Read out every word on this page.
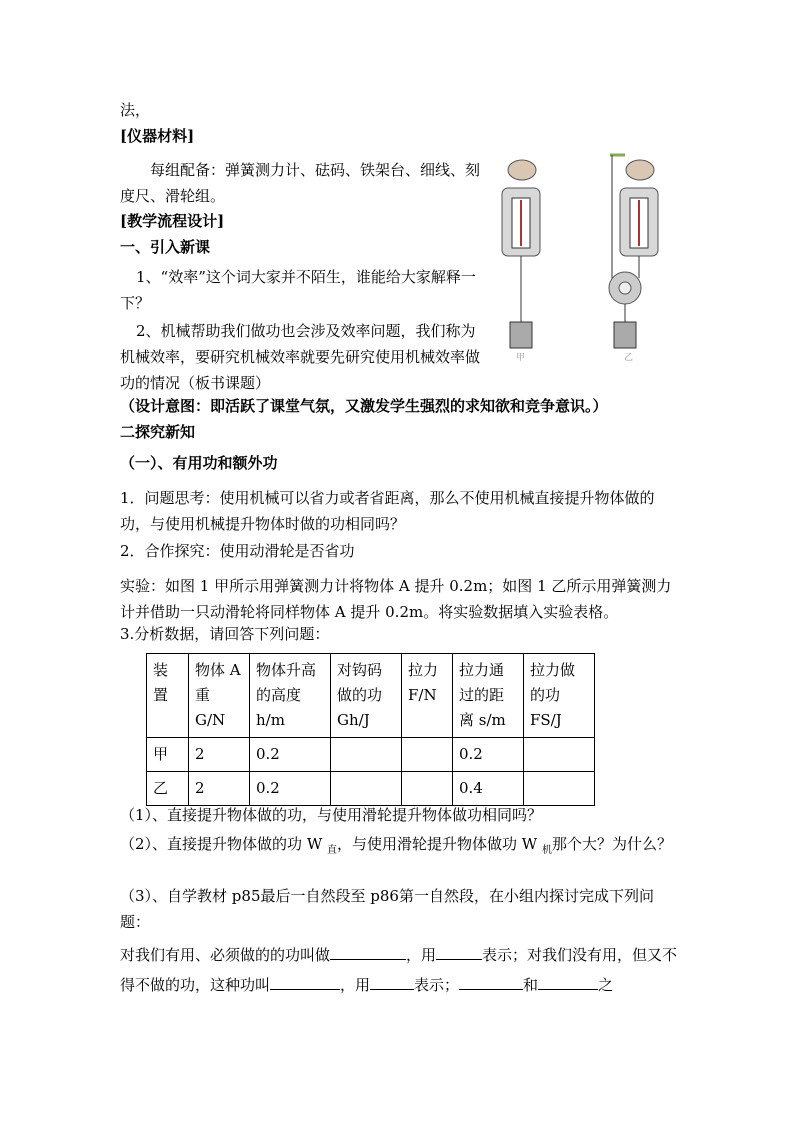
法，
[仪器材料]
每组配备：弹簧测力计、砝码、铁架台、细线、刻度尺、滑轮组。
[教学流程设计]
一、引入新课
1、“效率”这个词大家并不陌生，谁能给大家解释一下？
2、机械帮助我们做功也会涉及效率问题，我们称为机械效率，要研究机械效率就要先研究使用机械效率做功的情况（板书课题）
（设计意图：即活跃了课堂气氛，又激发学生强烈的求知欲和竞争意识。）
二探究新知
（一）、有用功和额外功
1．问题思考：使用机械可以省力或者省距离，那么不使用机械直接提升物体做的功，与使用机械提升物体时做的功相同吗？
2．合作探究：使用动滑轮是否省功
实验：如图 1 甲所示用弹簧测力计将物体 A 提升 0.2m；如图 1 乙所示用弹簧测力计并借助一只动滑轮将同样物体 A 提升 0.2m。将实验数据填入实验表格。
3.分析数据，请回答下列问题：
甲	乙
装置	物体 A 重 G/N	物体升高的高度 h/m	对钩码做的功 Gh/J	拉力 F/N	拉力通过的距离 s/m	拉力做的功 FS/J
甲	2	0.2			0.2	
乙	2	0.2			0.4	
（1）、直接提升物体做的功，与使用滑轮提升物体做功相同吗？
（2）、直接提升物体做的功 W $_直$，与使用滑轮提升物体做功 W $_机$那个大？为什么？
（3）、自学教材 p85最后一自然段至 p86第一自然段，在小组内探讨完成下列问题：
对我们有用、必须做的的功叫做	，用	表示；对我们没有用，但又不得不做的功，这种功叫	，用	表示；	和	之
